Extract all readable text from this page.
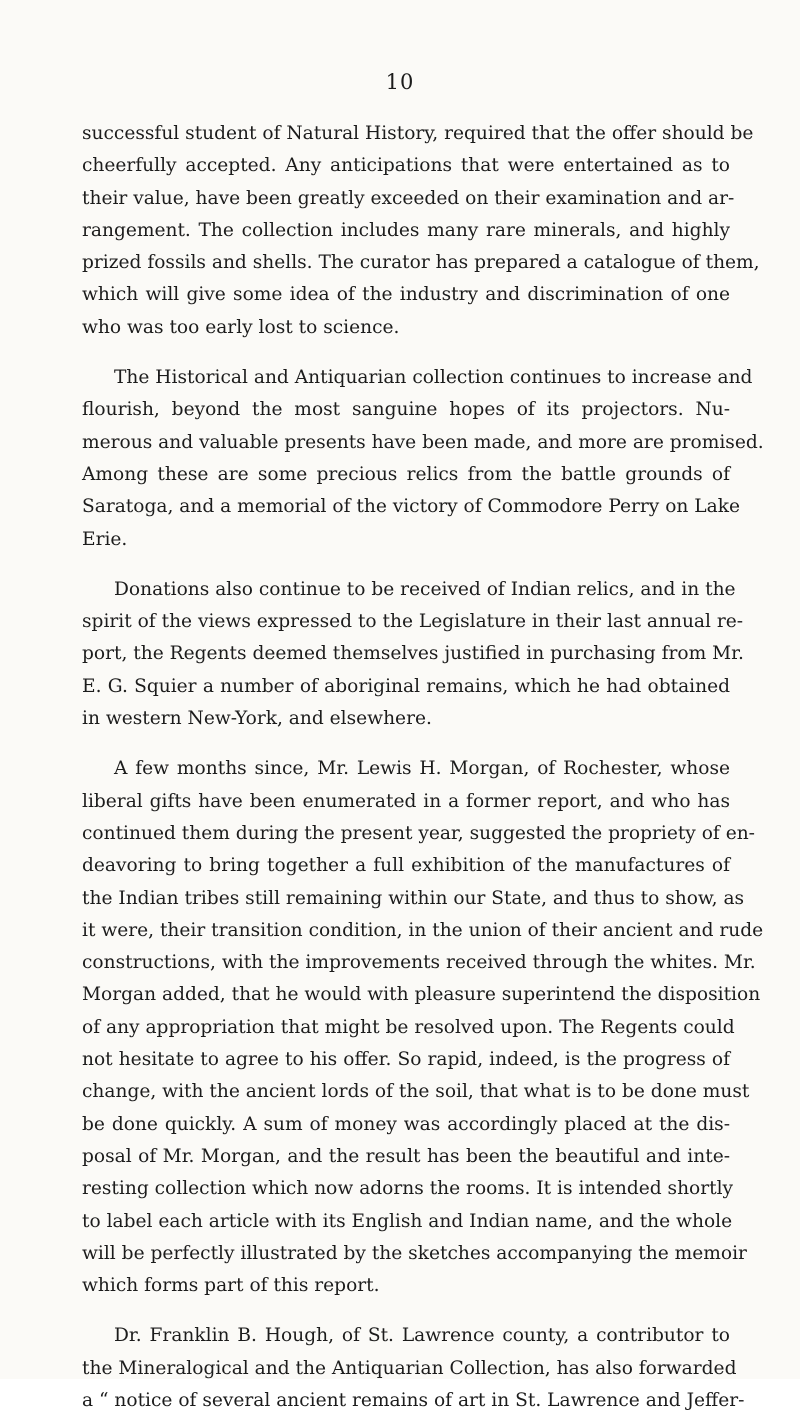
10
successful student of Natural History, required that the offer should be
cheerfully accepted. Any anticipations that were entertained as to
their value, have been greatly exceeded on their examination and ar-
rangement. The collection includes many rare minerals, and highly
prized fossils and shells. The curator has prepared a catalogue of them,
which will give some idea of the industry and discrimination of one
who was too early lost to science.
The Historical and Antiquarian collection continues to increase and
flourish, beyond the most sanguine hopes of its projectors. Nu-
merous and valuable presents have been made, and more are promised.
Among these are some precious relics from the battle grounds of
Saratoga, and a memorial of the victory of Commodore Perry on Lake
Erie.
Donations also continue to be received of Indian relics, and in the
spirit of the views expressed to the Legislature in their last annual re-
port, the Regents deemed themselves justified in purchasing from Mr.
E. G. Squier a number of aboriginal remains, which he had obtained
in western New-York, and elsewhere.
A few months since, Mr. Lewis H. Morgan, of Rochester, whose
liberal gifts have been enumerated in a former report, and who has
continued them during the present year, suggested the propriety of en-
deavoring to bring together a full exhibition of the manufactures of
the Indian tribes still remaining within our State, and thus to show, as
it were, their transition condition, in the union of their ancient and rude
constructions, with the improvements received through the whites. Mr.
Morgan added, that he would with pleasure superintend the disposition
of any appropriation that might be resolved upon. The Regents could
not hesitate to agree to his offer. So rapid, indeed, is the progress of
change, with the ancient lords of the soil, that what is to be done must
be done quickly. A sum of money was accordingly placed at the dis-
posal of Mr. Morgan, and the result has been the beautiful and inte-
resting collection which now adorns the rooms. It is intended shortly
to label each article with its English and Indian name, and the whole
will be perfectly illustrated by the sketches accompanying the memoir
which forms part of this report.
Dr. Franklin B. Hough, of St. Lawrence county, a contributor to
the Mineralogical and the Antiquarian Collection, has also forwarded
a “ notice of several ancient remains of art in St. Lawrence and Jeffer-
